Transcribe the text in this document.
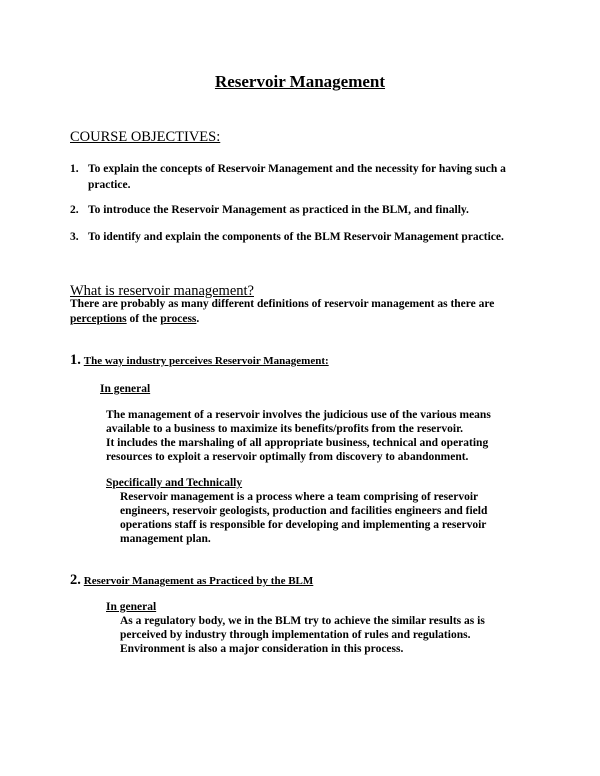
Reservoir Management
COURSE OBJECTIVES:
1. To explain the concepts of Reservoir Management and the necessity for having such a practice.
2. To introduce the Reservoir Management as practiced in the BLM, and finally.
3. To identify and explain the components of the BLM Reservoir Management practice.
What is reservoir management?
There are probably as many different definitions of reservoir management as there are
perceptions of the process.
1. The way industry perceives Reservoir Management:
In general
The management of a reservoir involves the judicious use of the various means
available to a business to maximize its benefits/profits from the reservoir.
It includes the marshaling of all appropriate business, technical and operating
resources to exploit a reservoir optimally from discovery to abandonment.
Specifically and Technically
Reservoir management is a process where a team comprising of reservoir
engineers, reservoir geologists, production and facilities engineers and field
operations staff is responsible for developing and implementing a reservoir
management plan.
2. Reservoir Management as Practiced by the BLM
In general
As a regulatory body, we in the BLM try to achieve the similar results as is
perceived by industry through implementation of rules and regulations.
Environment is also a major consideration in this process.
